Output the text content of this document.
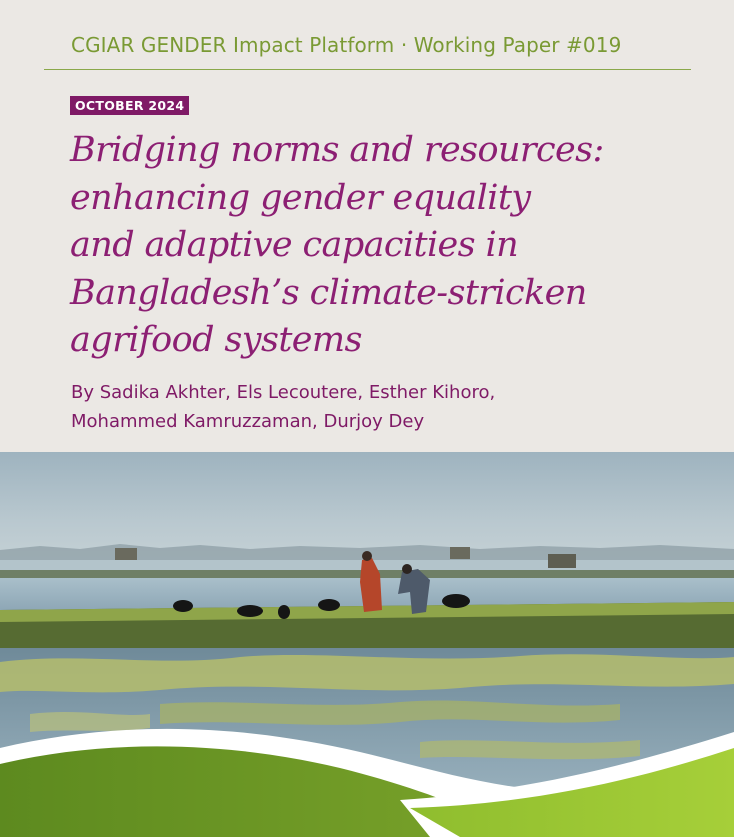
CGIAR GENDER Impact Platform · Working Paper #019
OCTOBER 2024
Bridging norms and resources:
enhancing gender equality
and adaptive capacities in
Bangladesh’s climate-stricken
agrifood systems
By Sadika Akhter, Els Lecoutere, Esther Kihoro,
Mohammed Kamruzzaman, Durjoy Dey
